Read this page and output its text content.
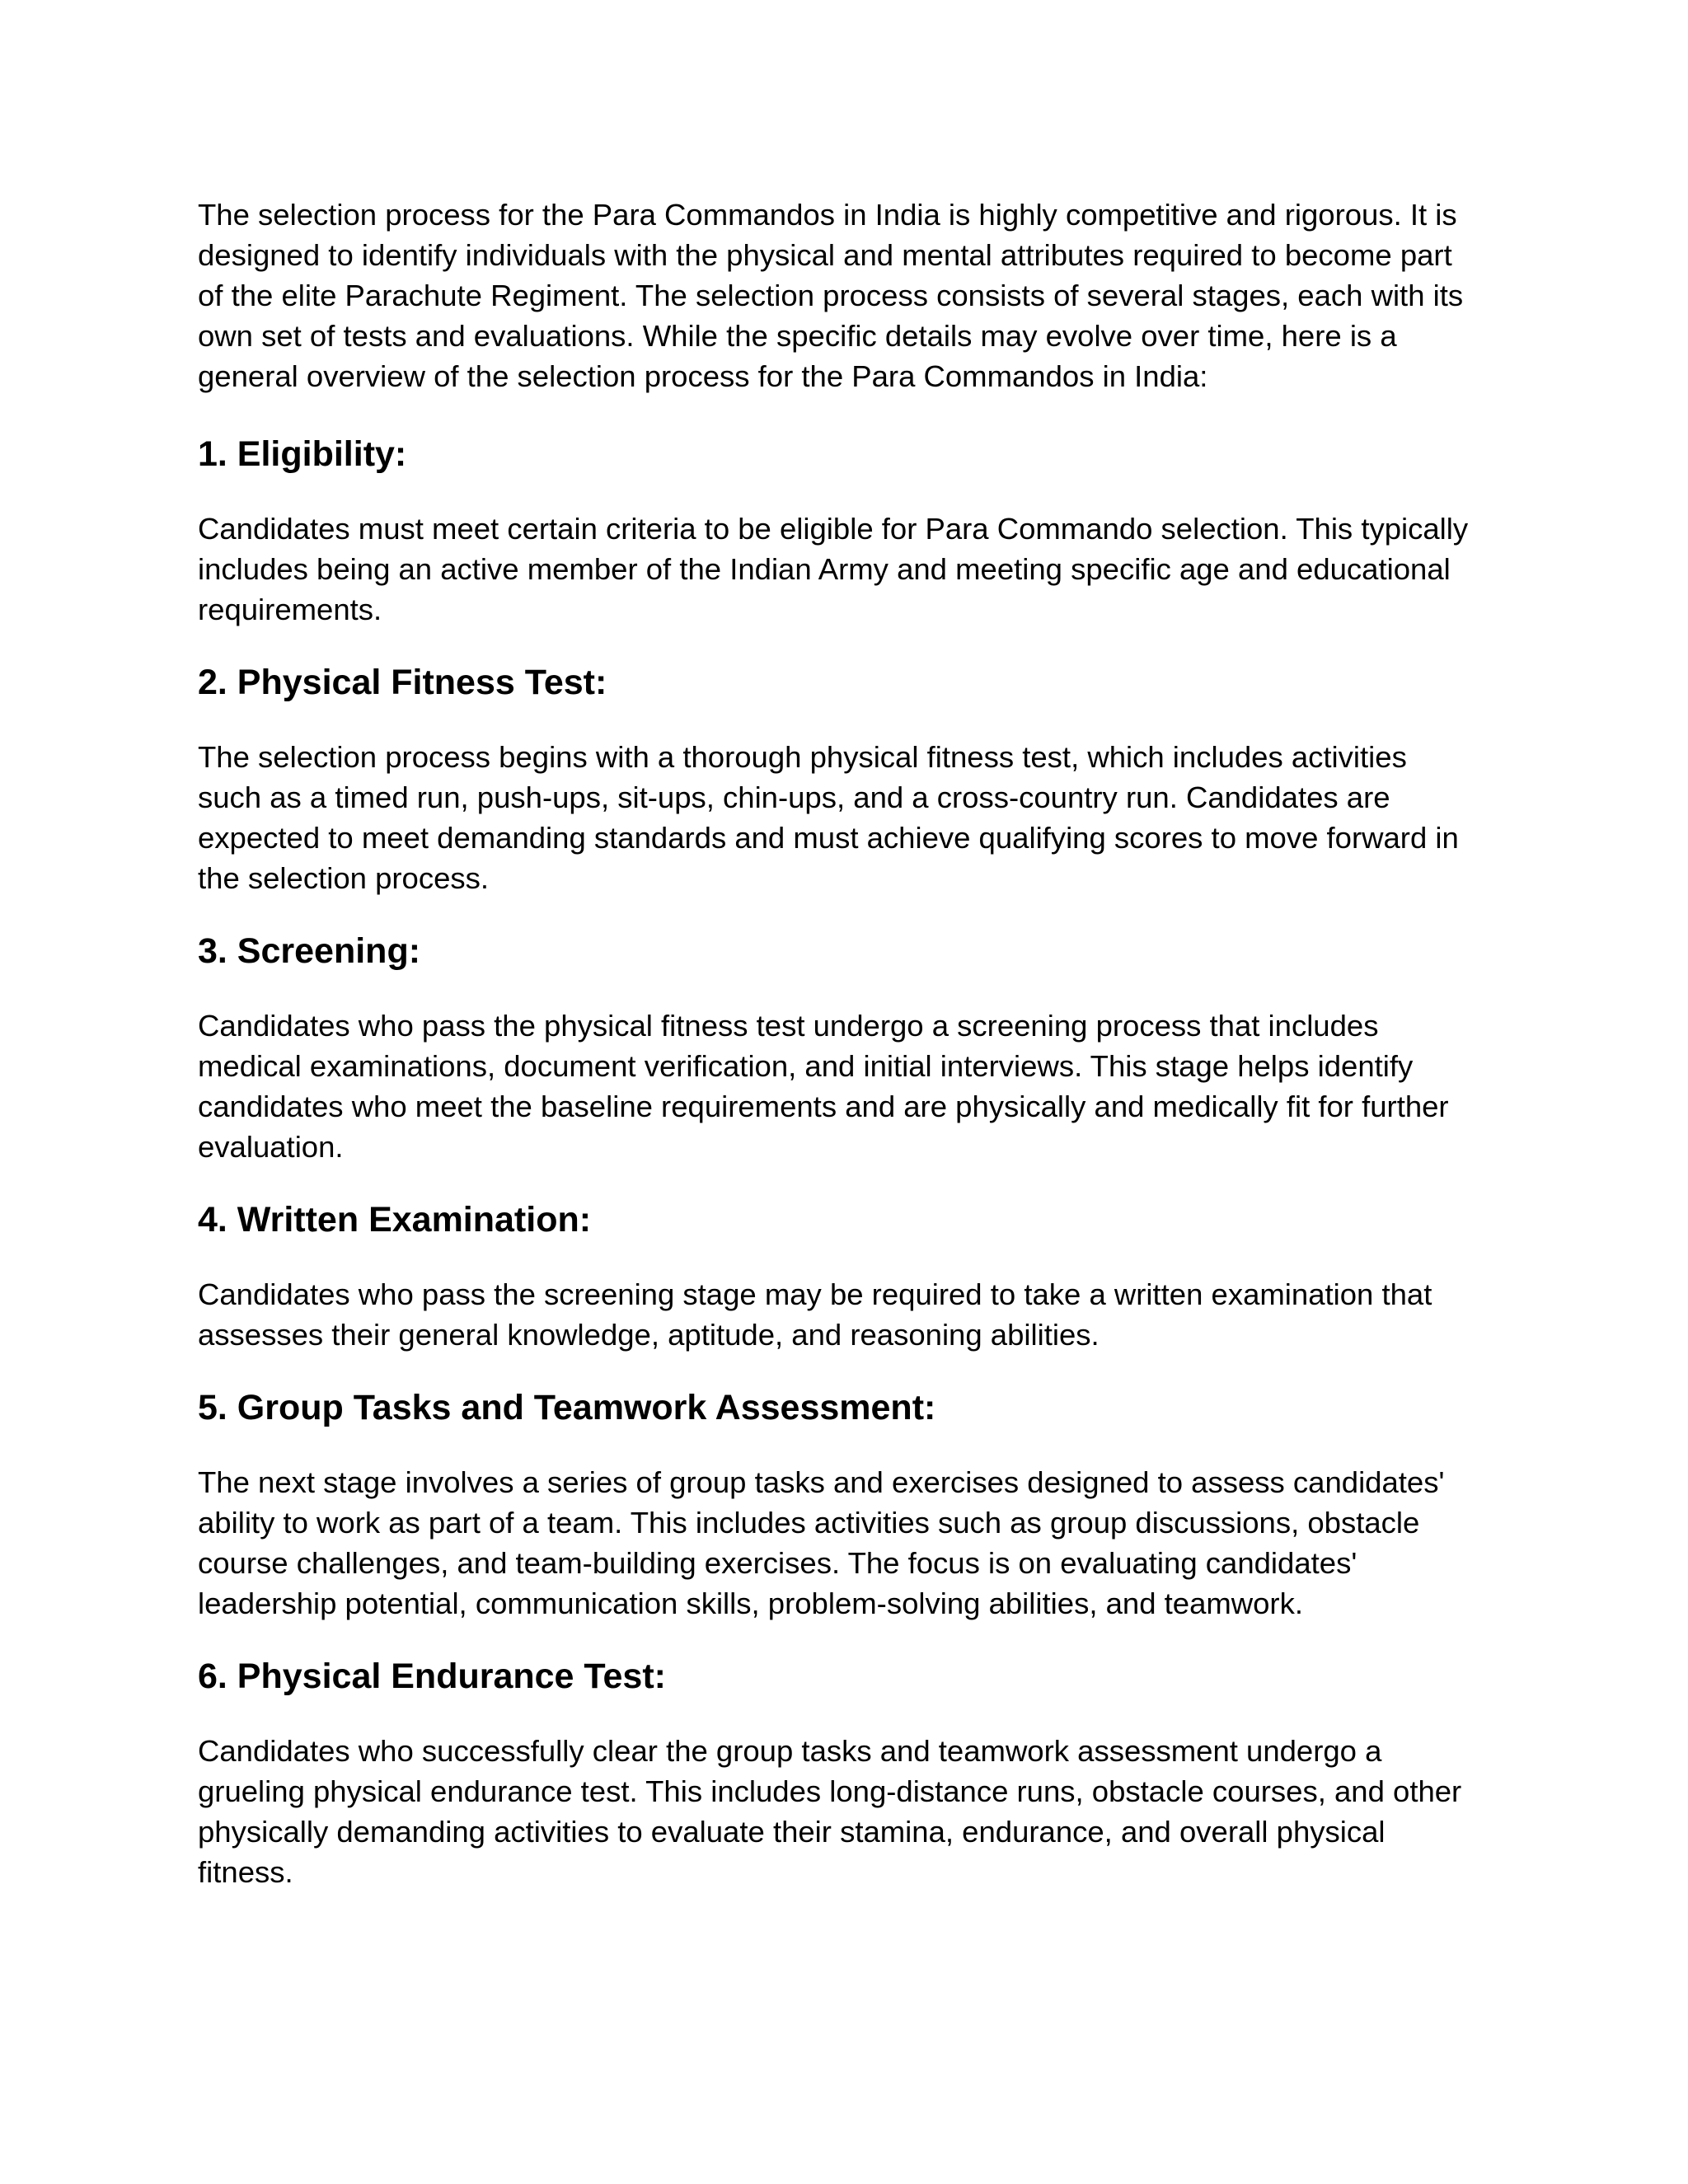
The selection process for the Para Commandos in India is highly competitive and rigorous. It is
designed to identify individuals with the physical and mental attributes required to become part
of the elite Parachute Regiment. The selection process consists of several stages, each with its
own set of tests and evaluations. While the specific details may evolve over time, here is a
general overview of the selection process for the Para Commandos in India:

1. Eligibility:

Candidates must meet certain criteria to be eligible for Para Commando selection. This typically
includes being an active member of the Indian Army and meeting specific age and educational
requirements.

2. Physical Fitness Test:

The selection process begins with a thorough physical fitness test, which includes activities
such as a timed run, push-ups, sit-ups, chin-ups, and a cross-country run. Candidates are
expected to meet demanding standards and must achieve qualifying scores to move forward in
the selection process.

3. Screening:

Candidates who pass the physical fitness test undergo a screening process that includes
medical examinations, document verification, and initial interviews. This stage helps identify
candidates who meet the baseline requirements and are physically and medically fit for further
evaluation.

4. Written Examination:

Candidates who pass the screening stage may be required to take a written examination that
assesses their general knowledge, aptitude, and reasoning abilities.

5. Group Tasks and Teamwork Assessment:

The next stage involves a series of group tasks and exercises designed to assess candidates'
ability to work as part of a team. This includes activities such as group discussions, obstacle
course challenges, and team-building exercises. The focus is on evaluating candidates'
leadership potential, communication skills, problem-solving abilities, and teamwork.

6. Physical Endurance Test:

Candidates who successfully clear the group tasks and teamwork assessment undergo a
grueling physical endurance test. This includes long-distance runs, obstacle courses, and other
physically demanding activities to evaluate their stamina, endurance, and overall physical
fitness.
